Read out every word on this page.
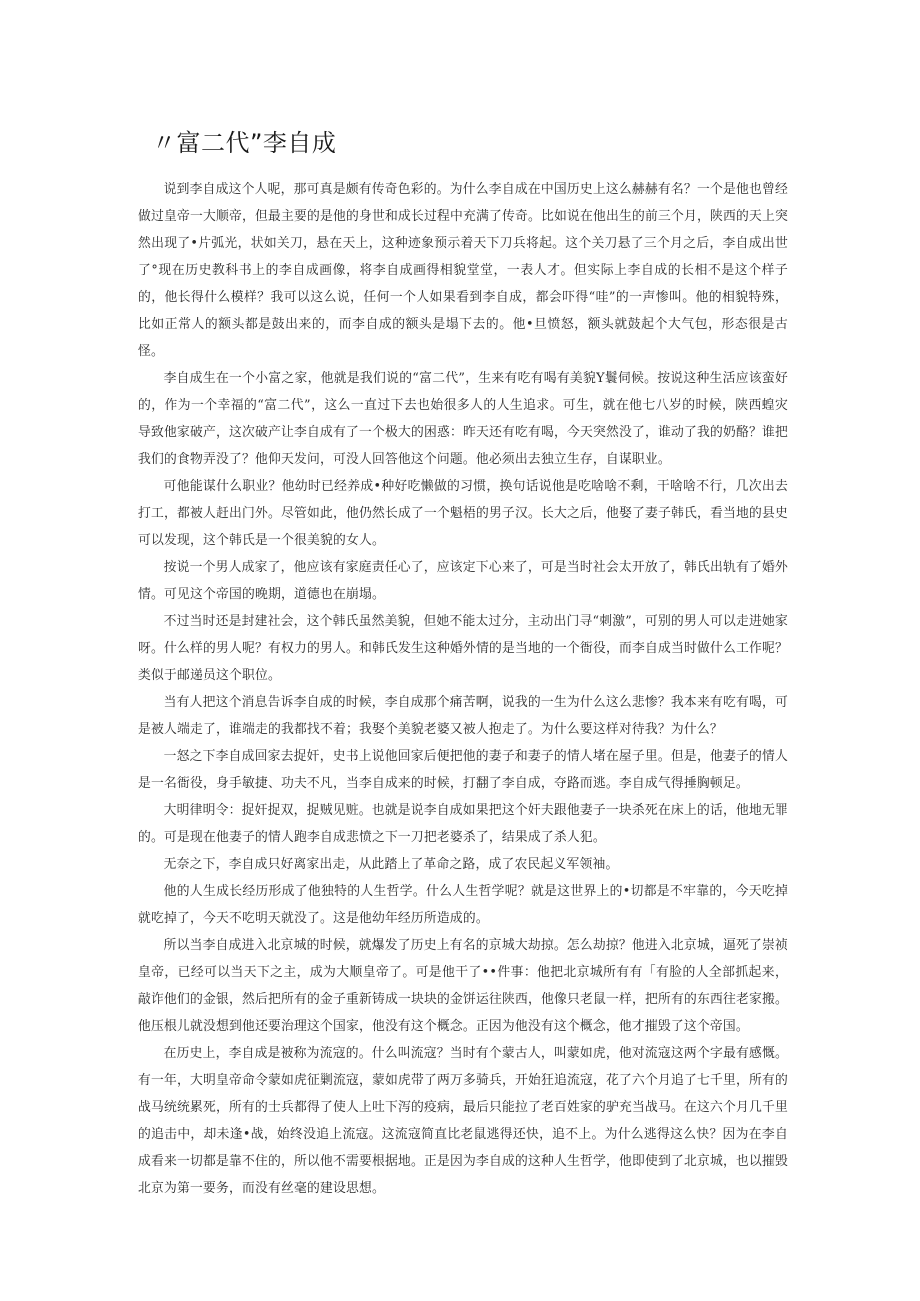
〃富二代”李自成

说到李自成这个人呢，那可真是颇有传奇色彩的。为什么李自成在中国历史上这么赫赫有名？一个是他也曾经做过皇帝一大顺帝，但最主要的是他的身世和成长过程中充满了传奇。比如说在他出生的前三个月，陕西的天上突然出现了•片弧光，状如关刀，悬在天上，这种迹象预示着天下刀兵将起。这个关刀悬了三个月之后，李自成出世了°现在历史教科书上的李自成画像，将李自成画得相貌堂堂，一表人才。但实际上李自成的长相不是这个样子的，他长得什么模样？我可以这么说，任何一个人如果看到李自成，都会吓得“哇”的一声惨叫。他的相貌特殊，比如正常人的额头都是鼓出来的，而李自成的额头是塌下去的。他•旦愤怒，额头就鼓起个大气包，形态很是古怪。

李自成生在一个小富之家，他就是我们说的“富二代”，生来有吃有喝有美貌Y鬟伺候。按说这种生活应该蛮好的，作为一个幸福的“富二代”，这么一直过下去也始很多人的人生追求。可生，就在他七八岁的时候，陕西蝗灾导致他家破产，这次破产让李自成有了一个极大的困惑：昨天还有吃有喝，今天突然没了，谁动了我的奶酪？谁把我们的食物弄没了？他仰天发问，可没人回答他这个问题。他必须出去独立生存，自谋职业。

可他能谋什么职业？他幼时已经养成•种好吃懒做的习惯，换句话说他是吃啥啥不剩，干啥啥不行，几次出去打工，都被人赶出门外。尽管如此，他仍然长成了一个魁梧的男子汉。长大之后，他娶了妻子韩氏，看当地的县史可以发现，这个韩氏是一个很美貌的女人。

按说一个男人成家了，他应该有家庭责任心了，应该定下心来了，可是当时社会太开放了，韩氏出轨有了婚外情。可见这个帝国的晚期，道德也在崩塌。

不过当时还是封建社会，这个韩氏虽然美貌，但她不能太过分，主动出门寻“刺激”，可别的男人可以走进她家呀。什么样的男人呢？有权力的男人。和韩氏发生这种婚外情的是当地的一个衙役，而李自成当时做什么工作呢？类似于邮递员这个职位。

当有人把这个消息告诉李自成的时候，李自成那个痛苦啊，说我的一生为什么这么悲惨？我本来有吃有喝，可是被人端走了，谁端走的我都找不着；我娶个美貌老婆又被人抱走了。为什么要这样对待我？为什么？

一怒之下李自成回家去捉奸，史书上说他回家后便把他的妻子和妻子的情人堵在屋子里。但是，他妻子的情人是一名衙役，身手敏捷、功夫不凡，当李自成来的时候，打翻了李自成，夺路而逃。李自成气得捶胸顿足。

大明律明令：捉奸捉双，捉贼见赃。也就是说李自成如果把这个奸夫跟他妻子一块杀死在床上的话，他地无罪的。可是现在他妻子的情人跑李自成悲愤之下一刀把老婆杀了，结果成了杀人犯。

无奈之下，李自成只好离家出走，从此踏上了革命之路，成了农民起义军领袖。

他的人生成长经历形成了他独特的人生哲学。什么人生哲学呢？就是这世界上的•切都是不牢靠的，今天吃掉就吃掉了，今天不吃明天就没了。这是他幼年经历所造成的。

所以当李自成进入北京城的时候，就爆发了历史上有名的京城大劫掠。怎么劫掠？他进入北京城，逼死了崇祯皇帝，已经可以当天下之主，成为大顺皇帝了。可是他干了••件事：他把北京城所有有「有脸的人全部抓起来，敲诈他们的金银，然后把所有的金子重新铸成一块块的金饼运往陕西，他像只老鼠一样，把所有的东西往老家搬。他压根儿就没想到他还要治理这个国家，他没有这个概念。正因为他没有这个概念，他才摧毁了这个帝国。

在历史上，李自成是被称为流寇的。什么叫流寇？当时有个蒙古人，叫蒙如虎，他对流寇这两个字最有感慨。有一年，大明皇帝命令蒙如虎征剿流寇，蒙如虎带了两万多骑兵，开始狂追流寇，花了六个月追了七千里，所有的战马统统累死，所有的士兵都得了使人上吐下泻的疫病，最后只能拉了老百姓家的驴充当战马。在这六个月几千里的追击中，却未逢•战，始终没追上流寇。这流寇简直比老鼠逃得还快，追不上。为什么逃得这么快？因为在李自成看来一切都是靠不住的，所以他不需要根据地。正是因为李自成的这种人生哲学，他即使到了北京城，也以摧毁北京为第一要务，而没有丝毫的建设思想。
